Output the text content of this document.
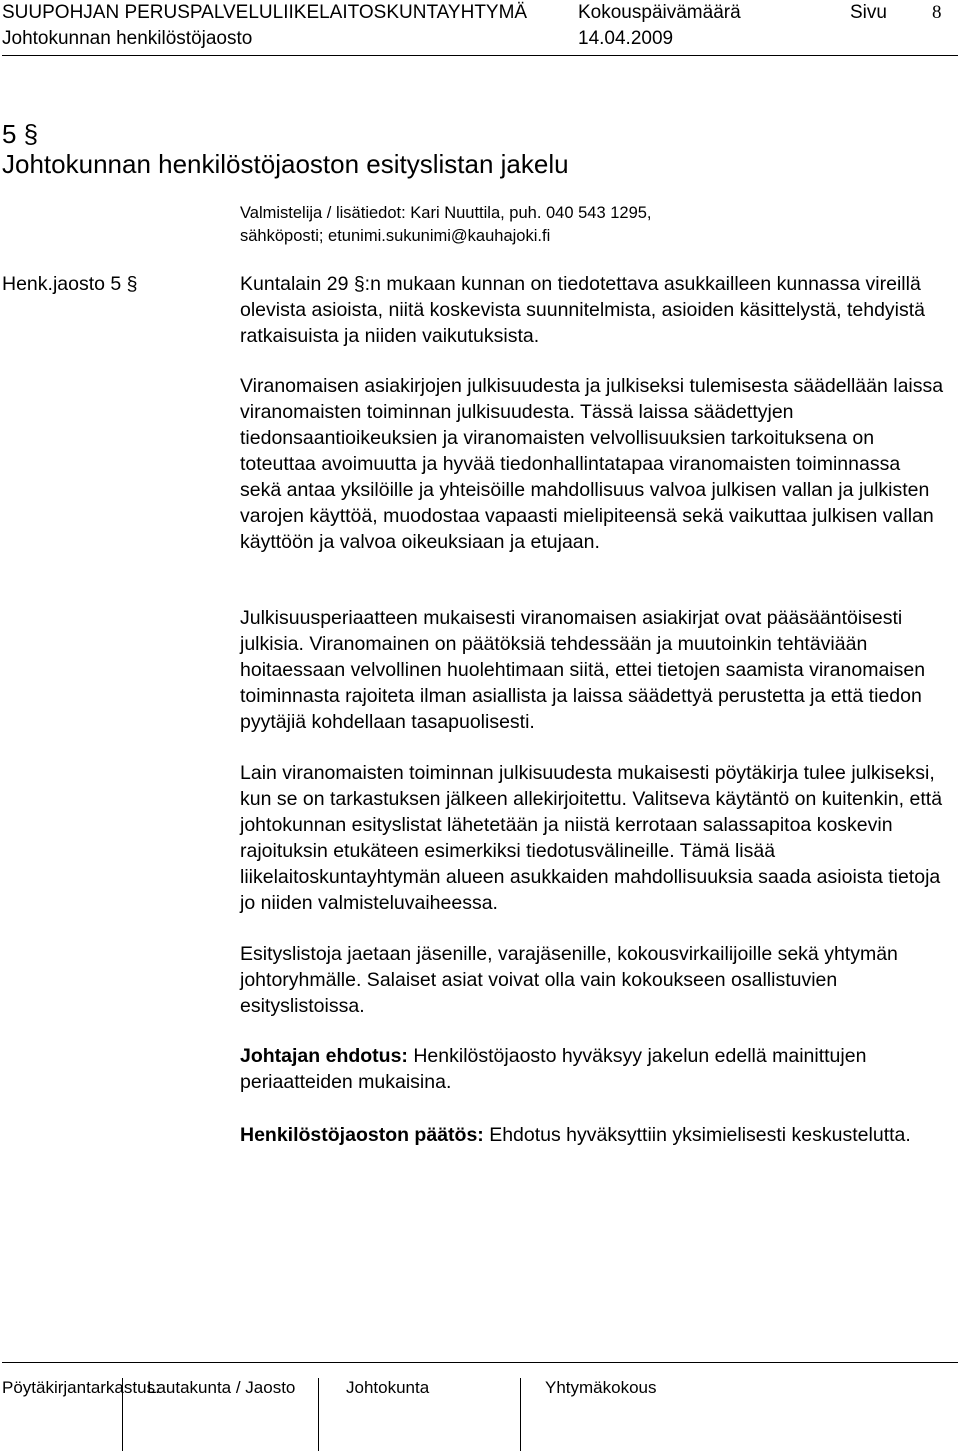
SUUPOHJAN PERUSPALVELULIIKELAITOSKUNTAYHTYMÄ	Kokouspäivämäärä	Sivu 8
Johtokunnan henkilöstöjaosto	14.04.2009
5 §
Johtokunnan henkilöstöjaoston esityslistan jakelu
Valmistelija / lisätiedot: Kari Nuuttila, puh. 040 543 1295,
sähköposti; etunimi.sukunimi@kauhajoki.fi
Henk.jaosto 5 §	Kuntalain 29 §:n mukaan kunnan on tiedotettava asukkailleen kunnassa vireillä olevista asioista, niitä koskevista suunnitelmista, asioiden käsittelystä, tehdyistä ratkaisuista ja niiden vaikutuksista.

Viranomaisen asiakirjojen julkisuudesta ja julkiseksi tulemisesta säädellään laissa viranomaisten toiminnan julkisuudesta. Tässä laissa säädettyjen tiedonsaantioikeuksien ja viranomaisten velvollisuuksien tarkoituksena on toteuttaa avoimuutta ja hyvää tiedonhallintatapaa viranomaisten toiminnassa sekä antaa yksilöille ja yhteisöille mahdollisuus valvoa julkisen vallan ja julkisten varojen käyttöä, muodostaa vapaasti mielipiteensä sekä vaikuttaa julkisen vallan käyttöön ja valvoa oikeuksiaan ja etujaan.

Julkisuusperiaatteen mukaisesti viranomaisen asiakirjat ovat pääsääntöisesti julkisia. Viranomainen on päätöksiä tehdessään ja muutoinkin tehtäviään hoitaessaan velvollinen huolehtimaan siitä, ettei tietojen saamista viranomaisen toiminnasta rajoiteta ilman asiallista ja laissa säädettyä perustetta ja että tiedon pyytäjiä kohdellaan tasapuolisesti.

Lain viranomaisten toiminnan julkisuudesta mukaisesti pöytäkirja tulee julkiseksi, kun se on tarkastuksen jälkeen allekirjoitettu. Valitseva käytäntö on kuitenkin, että johtokunnan esityslistat lähetetään ja niistä kerrotaan salassapitoa koskevin rajoituksin etukäteen esimerkiksi tiedotusvälineille. Tämä lisää liikelaitoskuntayhtymän alueen asukkaiden mahdollisuuksia saada asioista tietoja jo niiden valmisteluvaiheessa.

Esityslistoja jaetaan jäsenille, varajäsenille, kokousvirkailijoille sekä yhtymän johtoryhmälle. Salaiset asiat voivat olla vain kokoukseen osallistuvien esityslistoissa.

Johtajan ehdotus: Henkilöstöjaosto hyväksyy jakelun edellä mainittujen periaatteiden mukaisina.

Henkilöstöjaoston päätös: Ehdotus hyväksyttiin yksimielisesti keskustelutta.

Pöytäkirjantarkastus:
Lautakunta / Jaosto	Johtokunta	Yhtymäkokous
